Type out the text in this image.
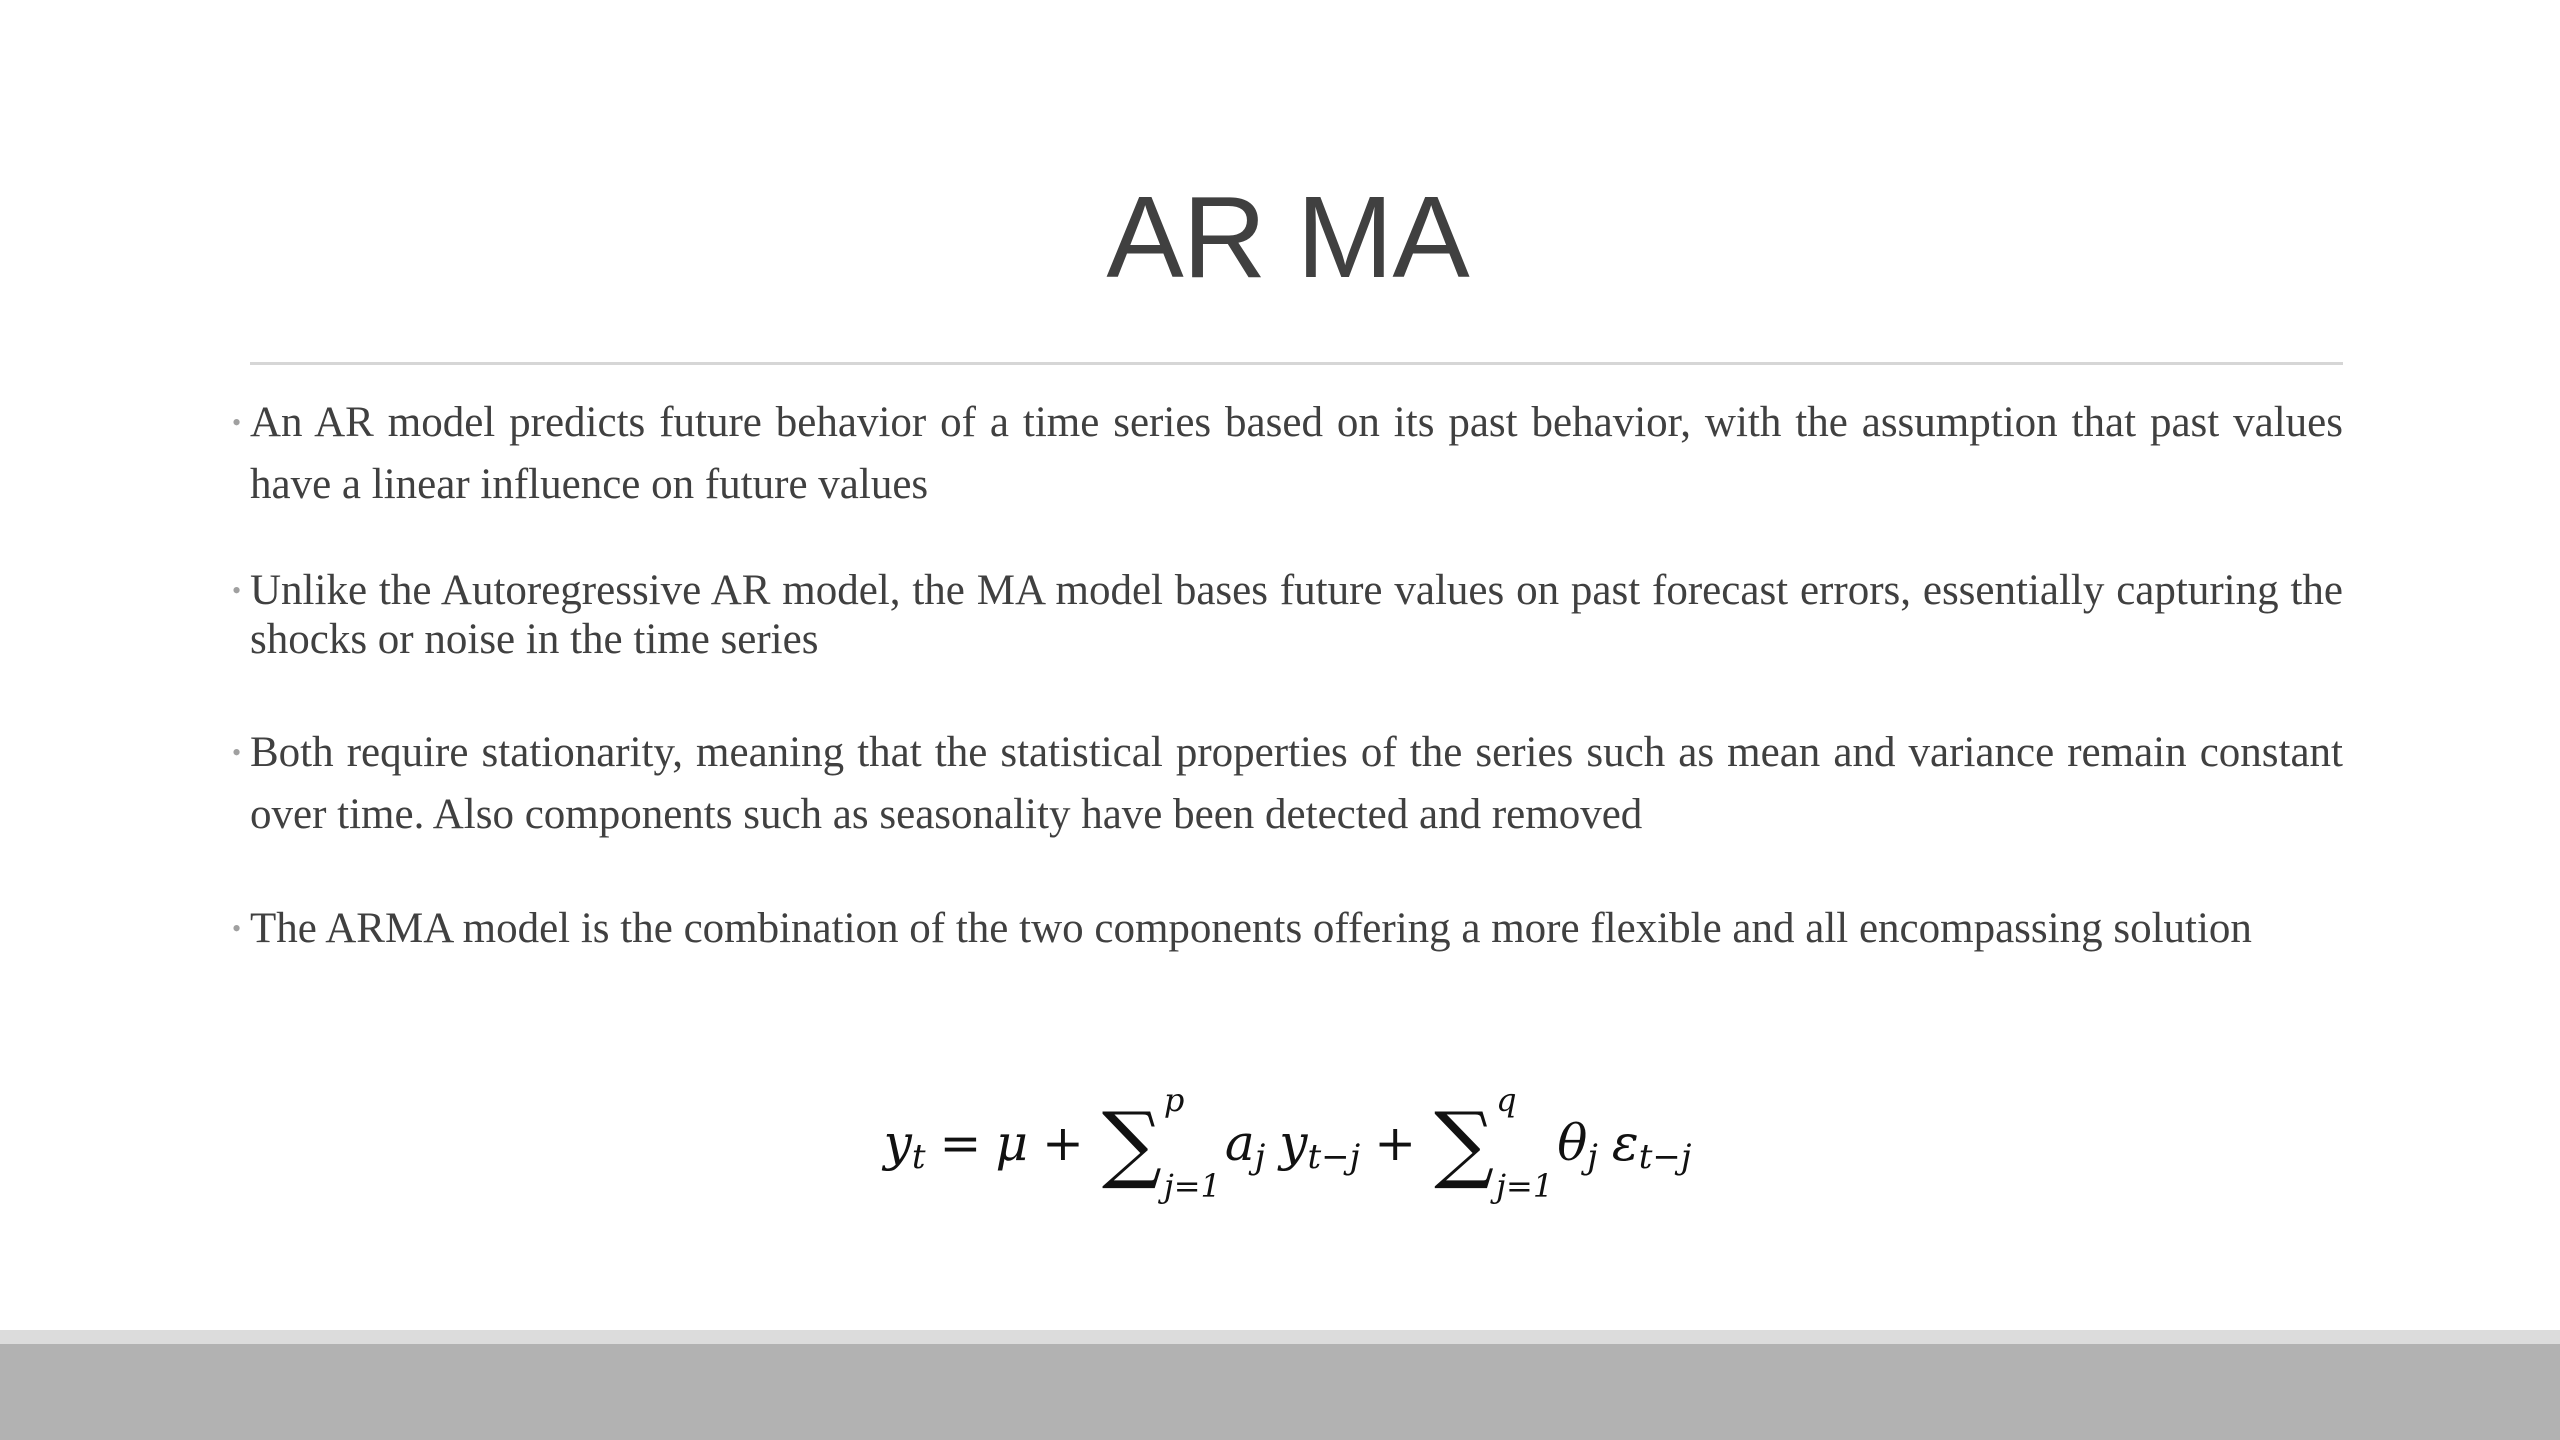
AR MA
• An AR model predicts future behavior of a time series based on its past behavior, with the assumption that past values have a linear influence on future values
• Unlike the Autoregressive AR model, the MA model bases future values on past forecast errors, essentially capturing the shocks or noise in the time series
• Both require stationarity, meaning that the statistical properties of the series such as mean and variance remain constant over time. Also components such as seasonality have been detected and removed
• The ARMA model is the combination of the two components offering a more flexible and all encompassing solution
y t = μ + ∑ p
j=1
a j y t−j + ∑ q
j=1
θ j ε t−j
